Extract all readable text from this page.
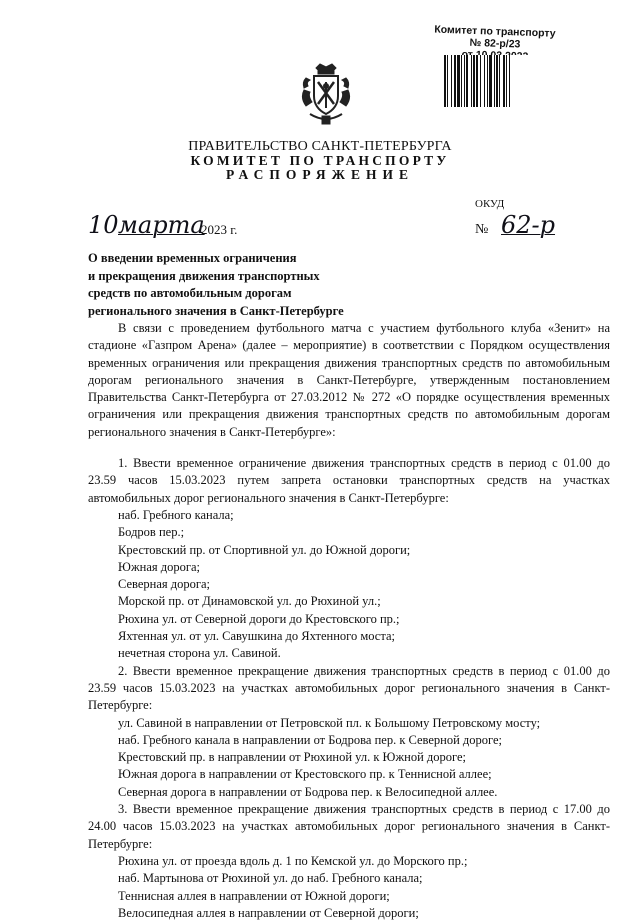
Комитет по транспорту
№ 82-р/23
от
ПРАВИТЕЛЬСТВО САНКТ-ПЕТЕРБУРГА
КОМИТЕТ ПО ТРАНСПОРТУ
РАСПОРЯЖЕНИЕ
ОКУД
10 марта
2023 г.	№ 62-р
О введении временных ограничения
и прекращения движения транспортных
средств по автомобильным дорогам
регионального значения в Санкт-Петербурге

В связи с проведением футбольного матча с участием футбольного клуба «Зенит» на стадионе «Газпром Арена» (далее – мероприятие) в соответствии с Порядком осуществления временных ограничения или прекращения движения транспортных средств по автомобильным дорогам регионального значения в Санкт-Петербурге, утвержденным постановлением Правительства Санкт-Петербурга от 27.03.2012 № 272 «О порядке осуществления временных ограничения или прекращения движения транспортных средств по автомобильным дорогам регионального значения в Санкт-Петербурге»:

1. Ввести временное ограничение движения транспортных средств в период с 01.00 до 23.59 часов 15.03.2023 путем запрета остановки транспортных средств на участках автомобильных дорог регионального значения в Санкт-Петербурге:

наб. Гребного канала;
Бодров пер.;
Крестовский пр. от Спортивной ул. до Южной дороги;
Южная дорога;
Северная дорога;
Морской пр. от Динамовской ул. до Рюхиной ул.;
Рюхина ул. от Северной дороги до Крестовского пр.;
Яхтенная ул. от ул. Савушкина до Яхтенного моста;
нечетная сторона ул. Савиной.

2. Ввести временное прекращение движения транспортных средств в период с 01.00 до 23.59 часов 15.03.2023 на участках автомобильных дорог регионального значения в Санкт-Петербурге:

ул. Савиной в направлении от Петровской пл. к Большому Петровскому мосту;
наб. Гребного канала в направлении от Бодрова пер. к Северной дороге;
Крестовский пр. в направлении от Рюхиной ул. к Южной дороге;
Южная дорога в направлении от Крестовского пр. к Теннисной аллее;
Северная дорога в направлении от Бодрова пер. к Велосипедной аллее.

3. Ввести временное прекращение движения транспортных средств в период с 17.00 до 24.00 часов 15.03.2023 на участках автомобильных дорог регионального значения в Санкт-Петербурге:

Рюхина ул. от проезда вдоль д. 1 по Кемской ул. до Морского пр.;
наб. Мартынова от Рюхиной ул. до наб. Гребного канала;
Теннисная аллея в направлении от Южной дороги;
Велосипедная аллея в направлении от Северной дороги;
